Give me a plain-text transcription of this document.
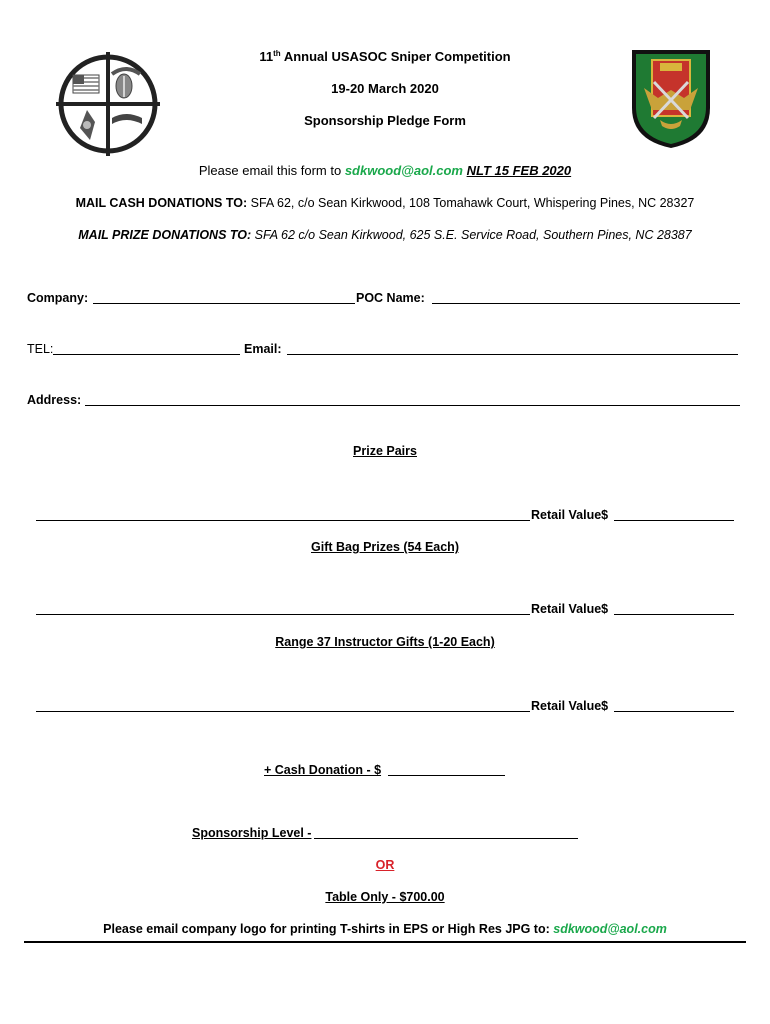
11th Annual USASOC Sniper Competition
19-20 March 2020
Sponsorship Pledge Form
Please email this form to sdkwood@aol.com NLT 15 FEB 2020
MAIL CASH DONATIONS TO: SFA 62, c/o Sean Kirkwood, 108 Tomahawk Court, Whispering Pines, NC 28327
MAIL PRIZE DONATIONS TO: SFA 62 c/o Sean Kirkwood, 625 S.E. Service Road, Southern Pines, NC 28387
Company:	POC Name:
TEL:	Email:
Address:
Prize Pairs
Retail Value$
Gift Bag Prizes (54 Each)
Retail Value$
Range 37 Instructor Gifts (1-20 Each)
Retail Value$
+ Cash Donation - $
Sponsorship Level -
OR
Table Only - $700.00
Please email company logo for printing T-shirts in EPS or High Res JPG to: sdkwood@aol.com
